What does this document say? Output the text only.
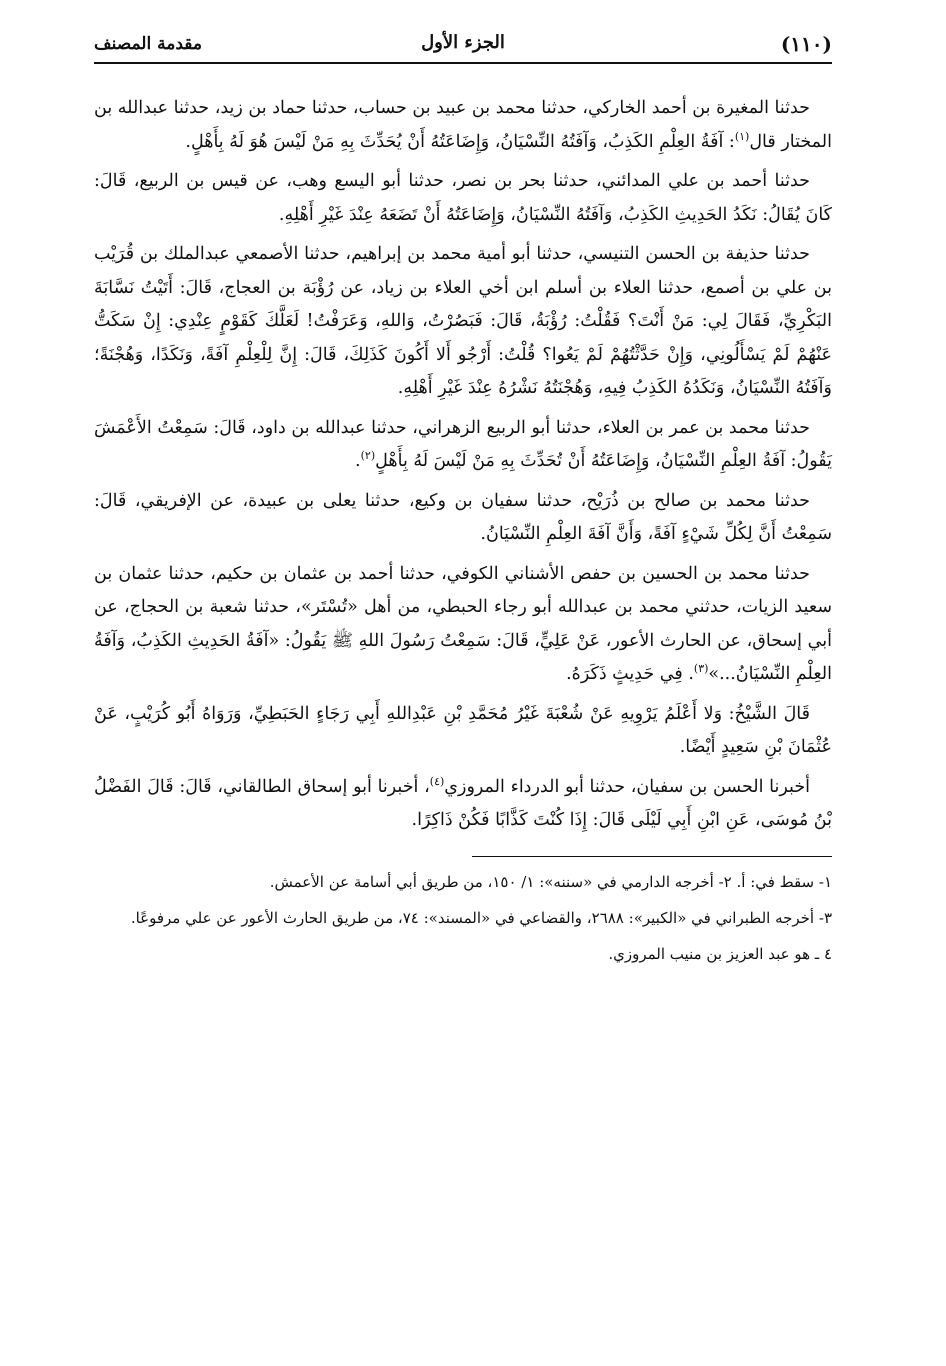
(١١٠)
الجزء الأول
مقدمة المصنف

حدثنا المغيرة بن أحمد الخاركي، حدثنا محمد بن عبيد بن حساب، حدثنا حماد بن زيد، حدثنا عبدالله بن المختار قال$^{(١)}$: آفَةُ العِلْمِ الكَذِبُ، وَآفَتُهُ النِّسْيَانُ، وَإِضَاعَتُهُ أَنْ يُحَدِّثَ بِهِ مَنْ لَيْسَ هُوَ لَهُ بِأَهْلٍ.

حدثنا أحمد بن علي المدائني، حدثنا بحر بن نصر، حدثنا أبو اليسع وهب، عن قيس بن الربيع، قَالَ: كَانَ يُقَالُ: نَكَدُ الحَدِيثِ الكَذِبُ، وَآفَتُهُ النِّسْيَانُ، وَإِضَاعَتُهُ أَنْ تَضَعَهُ عِنْدَ غَيْرِ أَهْلِهِ.

حدثنا حذيفة بن الحسن التنيسي، حدثنا أبو أمية محمد بن إبراهيم، حدثنا الأصمعي عبدالملك بن قُرَيْب بن علي بن أصمع، حدثنا العلاء بن أسلم ابن أخي العلاء بن زياد، عن رُؤْبَة بن العجاج، قَالَ: أَتَيْتُ نَسَّابَةَ البَكْرِيِّ، فَقَالَ لِي: مَنْ أَنْتَ؟ فَقُلْتُ: رُؤْبَةُ، قَالَ: فَبَصُرْتُ، وَاللهِ، وَعَرَفْتُ! لَعَلَّكَ كَقَوْمٍ عِنْدِي: إِنْ سَكَتُّ عَنْهُمْ لَمْ يَسْأَلُونِي، وَإِنْ حَدَّثْتُهُمْ لَمْ يَعُوا؟ قُلْتُ: أَرْجُو أَلا أَكُونَ كَذَلِكَ، قَالَ: إِنَّ لِلْعِلْمِ آفَةً، وَنَكَدًا، وَهُجْنَةً؛ وَآفَتُهُ النِّسْيَانُ، وَنَكَدُهُ الكَذِبُ فِيهِ، وَهُجْنَتُهُ نَشْرُهُ عِنْدَ غَيْرِ أَهْلِهِ.

حدثنا محمد بن عمر بن العلاء، حدثنا أبو الربيع الزهراني، حدثنا عبدالله بن داود، قَالَ: سَمِعْتُ الأَعْمَشَ يَقُولُ: آفَةُ العِلْمِ النِّسْيَانُ، وَإِضَاعَتُهُ أَنْ تُحَدِّثَ بِهِ مَنْ لَيْسَ لَهُ بِأَهْلٍ$^{(٢)}$.

حدثنا محمد بن صالح بن ذُرَيْح، حدثنا سفيان بن وكيع، حدثنا يعلى بن عبيدة، عن الإفريقي، قَالَ: سَمِعْتُ أَنَّ لِكُلِّ شَيْءٍ آفَةً، وَأَنَّ آفَةَ العِلْمِ النِّسْيَانُ.

حدثنا محمد بن الحسين بن حفص الأشناني الكوفي، حدثنا أحمد بن عثمان بن حكيم، حدثنا عثمان بن سعيد الزيات، حدثني محمد بن عبدالله أبو رجاء الحبطي، من أهل «تُسْتَر»، حدثنا شعبة بن الحجاج، عن أبي إسحاق، عن الحارث الأعور، عَنْ عَلِيٍّ، قَالَ: سَمِعْتُ رَسُولَ اللهِ ﷺ يَقُولُ: «آفَةُ الحَدِيثِ الكَذِبُ، وَآفَةُ العِلْمِ النِّسْيَانُ...»$^{(٣)}$. فِي حَدِيثٍ ذَكَرَهُ.

قَالَ الشَّيْخُ: وَلا أَعْلَمُ يَرْوِيهِ عَنْ شُعْبَةَ غَيْرُ مُحَمَّدِ بْنِ عَبْدِاللهِ أَبِي رَجَاءٍ الحَبَطِيِّ، وَرَوَاهُ أَبُو كُرَيْبٍ، عَنْ عُثْمَانَ بْنِ سَعِيدٍ أَيْضًا.

أخبرنا الحسن بن سفيان، حدثنا أبو الدرداء المروزي$^{(٤)}$، أخبرنا أبو إسحاق الطالقاني، قَالَ: قَالَ الفَضْلُ بْنُ مُوسَى، عَنِ ابْنِ أَبِي لَيْلَى قَالَ: إِذَا كُنْتَ كَذَّابًا فَكُنْ ذَاكِرًا.

١- سقط في: أ. ٢- أخرجه الدارمي في «سننه»: ١/ ١٥٠، من طريق أبي أسامة عن الأعمش.

٣- أخرجه الطبراني في «الكبير»: ٢٦٨٨، والقضاعي في «المسند»: ٧٤، من طريق الحارث الأعور عن علي مرفوعًا.

٤ ـ هو عبد العزيز بن منيب المروزي.
